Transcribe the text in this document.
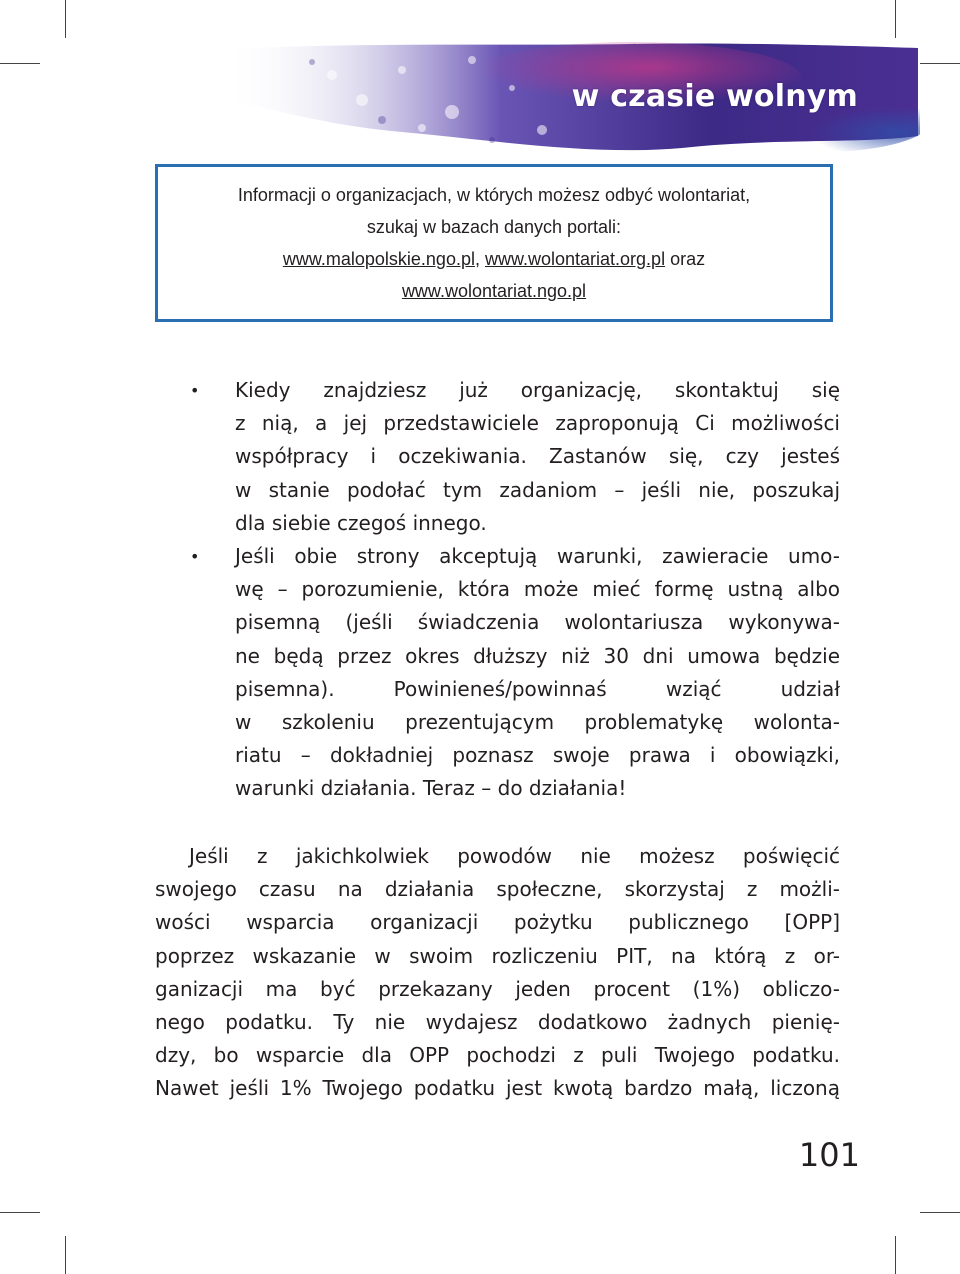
w czasie wolnym
Informacji o organizacjach, w których możesz odbyć wolontariat,
szukaj w bazach danych portali:
www.malopolskie.ngo.pl, www.wolontariat.org.pl oraz
www.wolontariat.ngo.pl
• Kiedy znajdziesz już organizację, skontaktuj się
z nią, a jej przedstawiciele zaproponują Ci możliwości
współpracy i oczekiwania. Zastanów się, czy jesteś
w stanie podołać tym zadaniom – jeśli nie, poszukaj
dla siebie czegoś innego.
• Jeśli obie strony akceptują warunki, zawieracie umo-
wę – porozumienie, która może mieć formę ustną albo
pisemną (jeśli świadczenia wolontariusza wykonywa-
ne będą przez okres dłuższy niż 30 dni umowa będzie
pisemna). Powinieneś/powinnaś wziąć udział
w szkoleniu prezentującym problematykę wolonta-
riatu – dokładniej poznasz swoje prawa i obowiązki,
warunki działania. Teraz – do działania!
Jeśli z jakichkolwiek powodów nie możesz poświęcić
swojego czasu na działania społeczne, skorzystaj z możli-
wości wsparcia organizacji pożytku publicznego [OPP]
poprzez wskazanie w swoim rozliczeniu PIT, na którą z or-
ganizacji ma być przekazany jeden procent (1%) obliczo-
nego podatku. Ty nie wydajesz dodatkowo żadnych pienię-
dzy, bo wsparcie dla OPP pochodzi z puli Twojego podatku.
Nawet jeśli 1% Twojego podatku jest kwotą bardzo małą, liczoną
101
